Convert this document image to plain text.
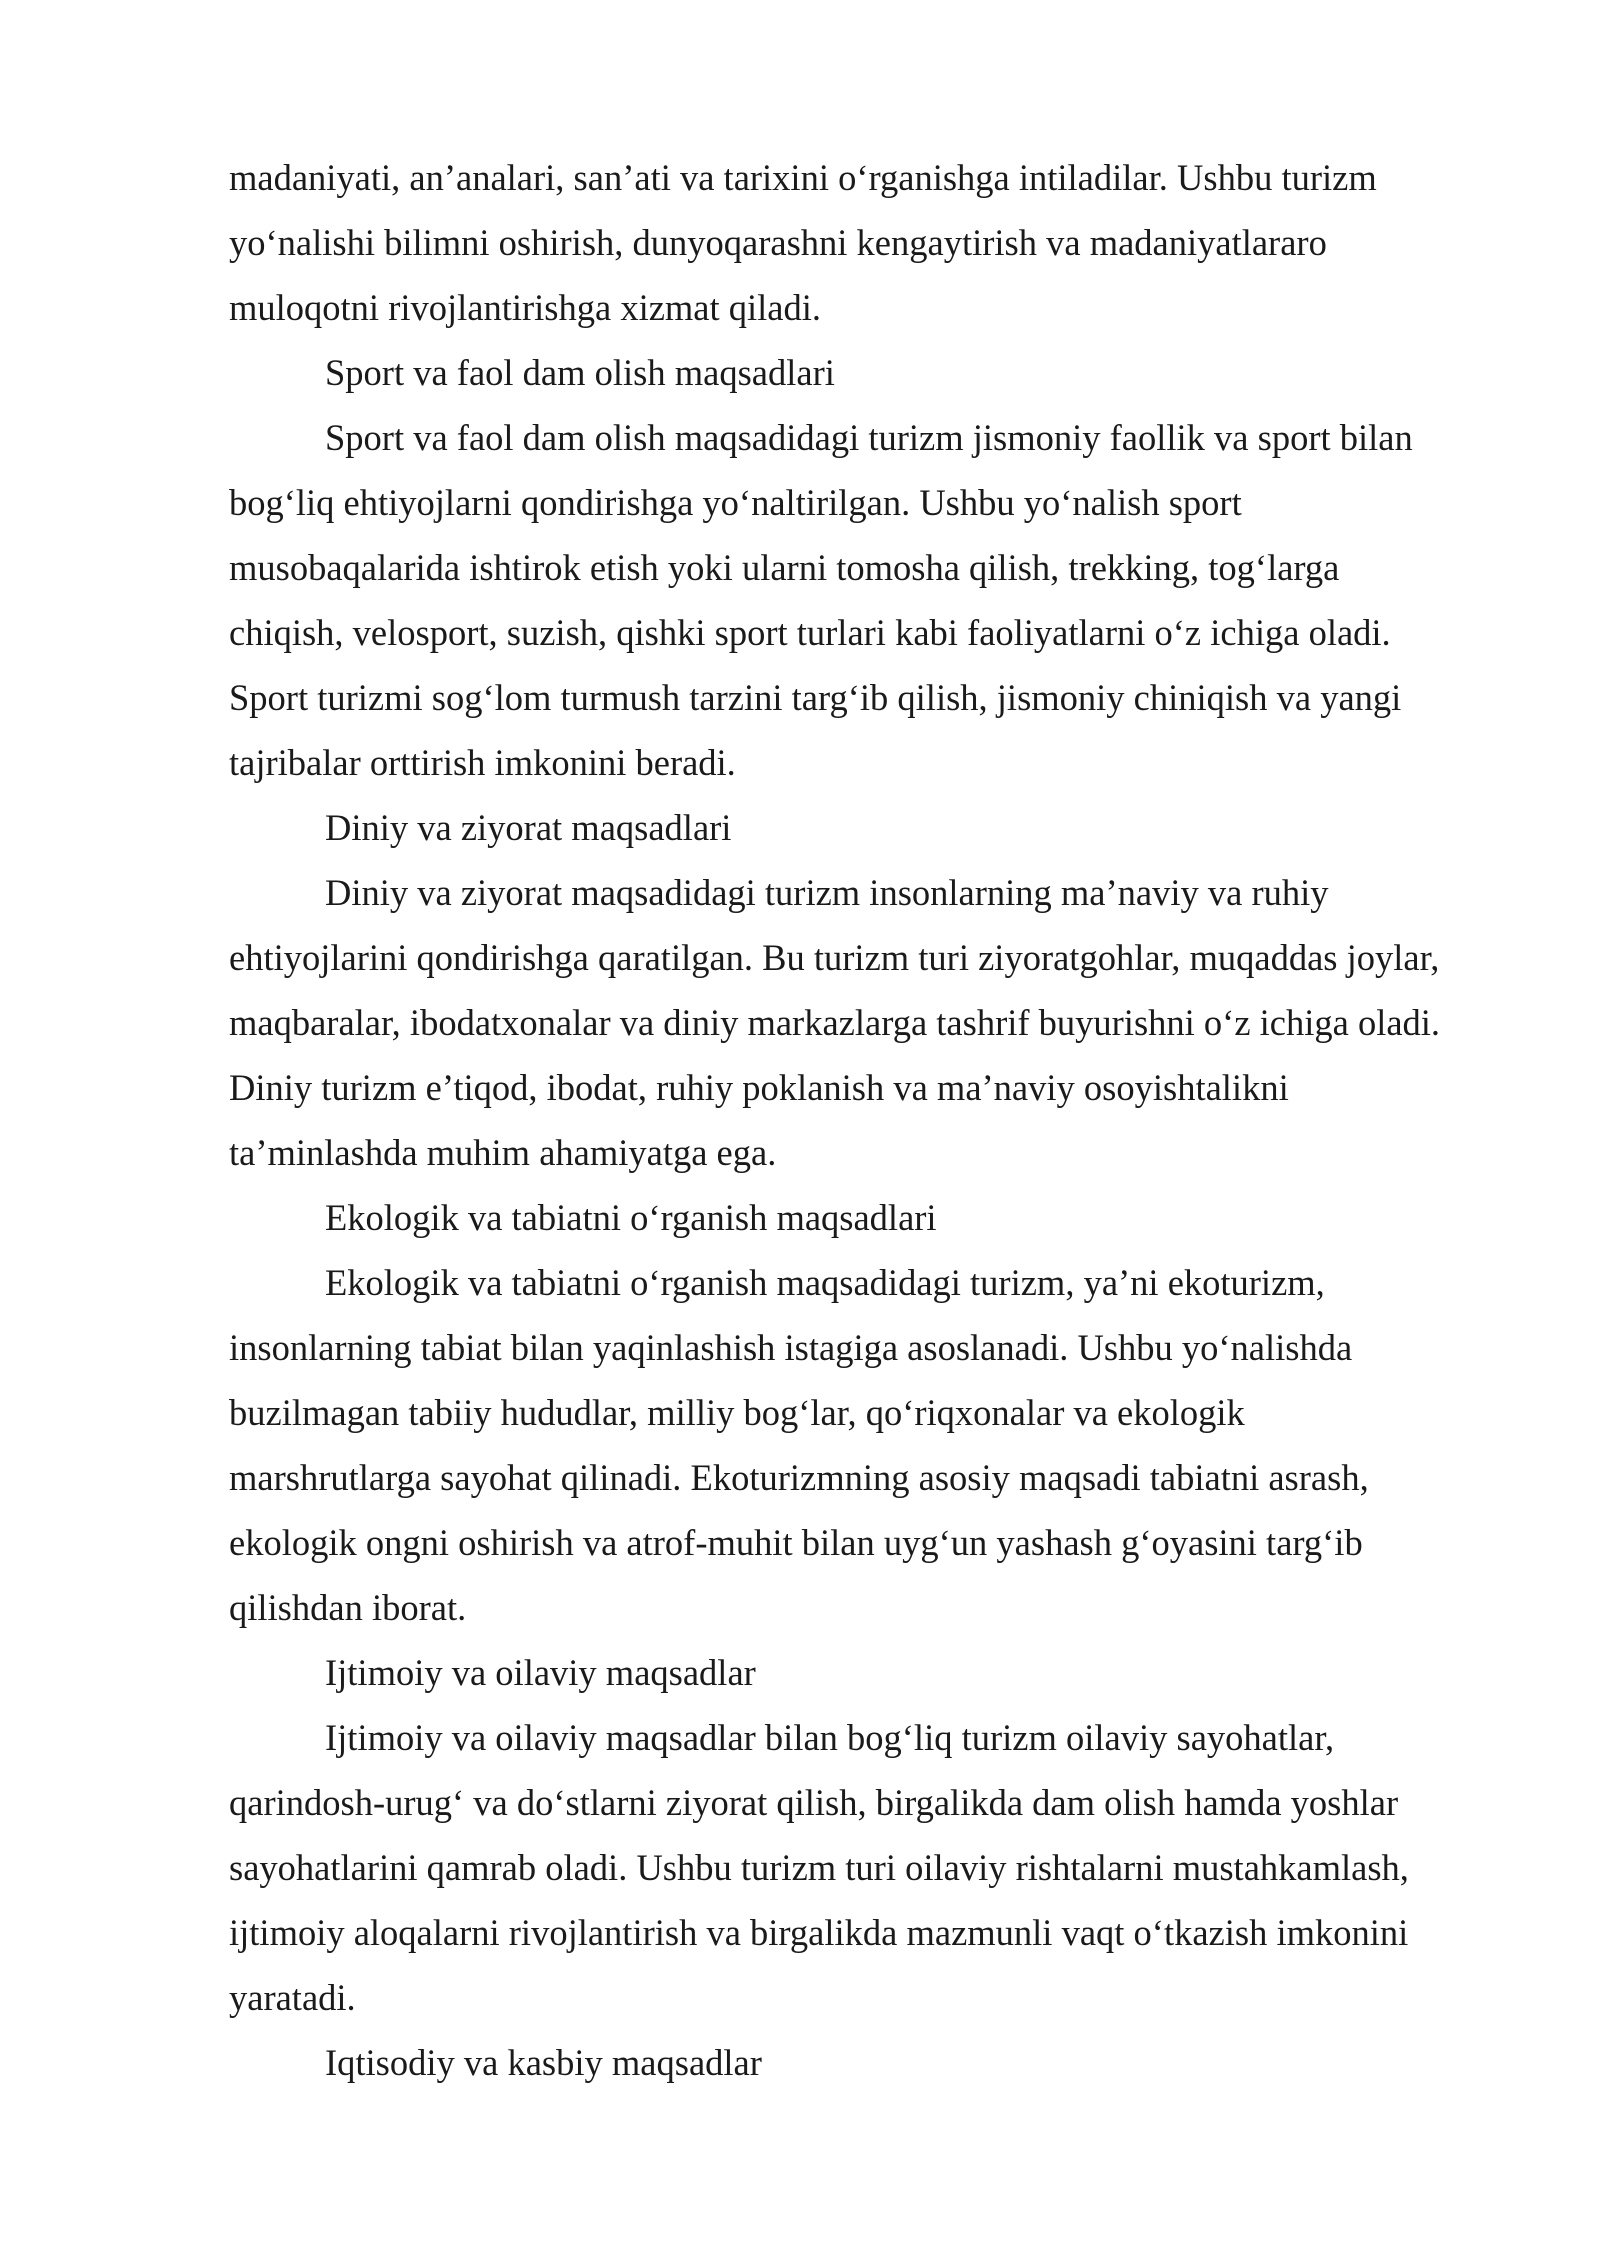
madaniyati, an’analari, san’ati va tarixini o‘rganishga intiladilar. Ushbu turizm
yo‘nalishi bilimni oshirish, dunyoqarashni kengaytirish va madaniyatlararo
muloqotni rivojlantirishga xizmat qiladi.
Sport va faol dam olish maqsadlari
Sport va faol dam olish maqsadidagi turizm jismoniy faollik va sport bilan
bog‘liq ehtiyojlarni qondirishga yo‘naltirilgan. Ushbu yo‘nalish sport
musobaqalarida ishtirok etish yoki ularni tomosha qilish, trekking, tog‘larga
chiqish, velosport, suzish, qishki sport turlari kabi faoliyatlarni o‘z ichiga oladi.
Sport turizmi sog‘lom turmush tarzini targ‘ib qilish, jismoniy chiniqish va yangi
tajribalar orttirish imkonini beradi.
Diniy va ziyorat maqsadlari
Diniy va ziyorat maqsadidagi turizm insonlarning ma’naviy va ruhiy
ehtiyojlarini qondirishga qaratilgan. Bu turizm turi ziyoratgohlar, muqaddas joylar,
maqbaralar, ibodatxonalar va diniy markazlarga tashrif buyurishni o‘z ichiga oladi.
Diniy turizm e’tiqod, ibodat, ruhiy poklanish va ma’naviy osoyishtalikni
ta’minlashda muhim ahamiyatga ega.
Ekologik va tabiatni o‘rganish maqsadlari
Ekologik va tabiatni o‘rganish maqsadidagi turizm, ya’ni ekoturizm,
insonlarning tabiat bilan yaqinlashish istagiga asoslanadi. Ushbu yo‘nalishda
buzilmagan tabiiy hududlar, milliy bog‘lar, qo‘riqxonalar va ekologik
marshrutlarga sayohat qilinadi. Ekoturizmning asosiy maqsadi tabiatni asrash,
ekologik ongni oshirish va atrof-muhit bilan uyg‘un yashash g‘oyasini targ‘ib
qilishdan iborat.
Ijtimoiy va oilaviy maqsadlar
Ijtimoiy va oilaviy maqsadlar bilan bog‘liq turizm oilaviy sayohatlar,
qarindosh-urug‘ va do‘stlarni ziyorat qilish, birgalikda dam olish hamda yoshlar
sayohatlarini qamrab oladi. Ushbu turizm turi oilaviy rishtalarni mustahkamlash,
ijtimoiy aloqalarni rivojlantirish va birgalikda mazmunli vaqt o‘tkazish imkonini
yaratadi.
Iqtisodiy va kasbiy maqsadlar
